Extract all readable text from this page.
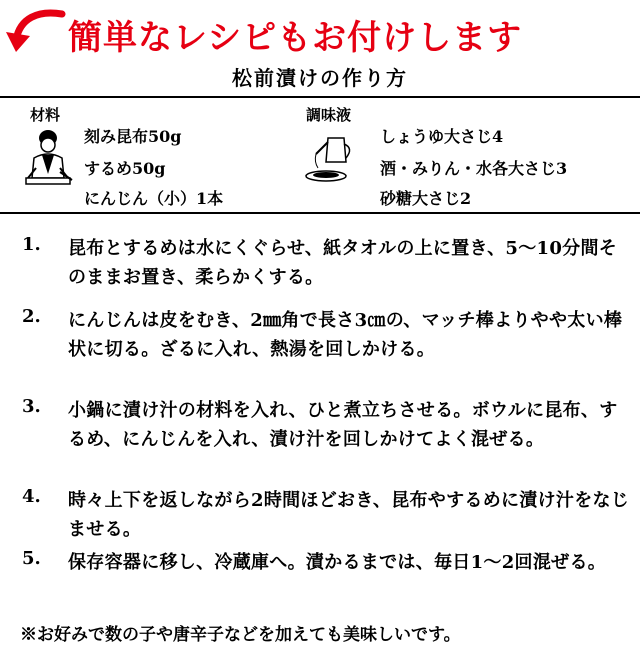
簡単なレシピもお付けします
松前漬けの作り方
材料
刻み昆布50g
するめ50g
にんじん（小）1本
調味液
しょうゆ大さじ4
酒・みりん・水各大さじ3
砂糖大さじ2
1. 昆布とするめは水にくぐらせ、紙タオルの上に置き、5〜10分間そのままお置き、柔らかくする。
2. にんじんは皮をむき、2㎜角で長さ3㎝の、マッチ棒よりやや太い棒状に切る。ざるに入れ、熱湯を回しかける。
3. 小鍋に漬け汁の材料を入れ、ひと煮立ちさせる。ボウルに昆布、するめ、にんじんを入れ、漬け汁を回しかけてよく混ぜる。
4. 時々上下を返しながら2時間ほどおき、昆布やするめに漬け汁をなじませる。
5. 保存容器に移し、冷蔵庫へ。漬かるまでは、毎日1〜2回混ぜる。
※お好みで数の子や唐辛子などを加えても美味しいです。
